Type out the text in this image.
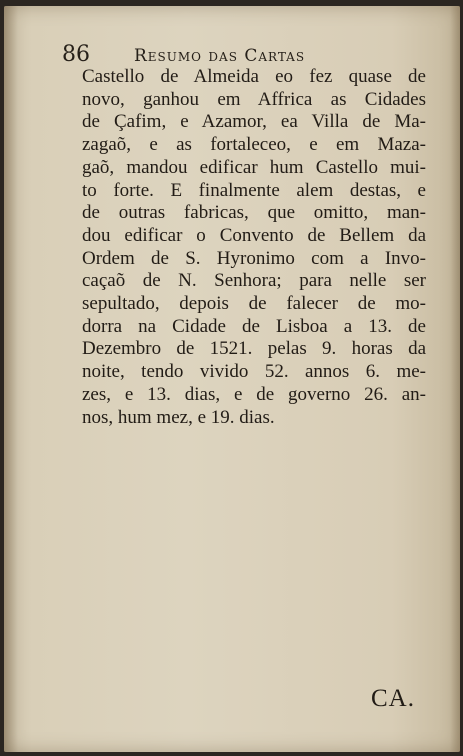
86	Resumo das Cartas
Castello de Almeida eo fez quase de
novo, ganhou em Affrica as Cidades
de Çafim, e Azamor, ea Villa de Ma-
zagaõ, e as fortaleceo, e em Maza-
gaõ, mandou edificar hum Castello mui-
to forte. E finalmente alem destas, e
de outras fabricas, que omitto, man-
dou edificar o Convento de Bellem da
Ordem de S. Hyronimo com a Invo-
caçaõ de N. Senhora; para nelle ser
sepultado, depois de falecer de mo-
dorra na Cidade de Lisboa a 13. de
Dezembro de 1521. pelas 9. horas da
noite, tendo vivido 52. annos 6. me-
zes, e 13. dias, e de governo 26. an-
nos, hum mez, e 19. dias.
CA.
